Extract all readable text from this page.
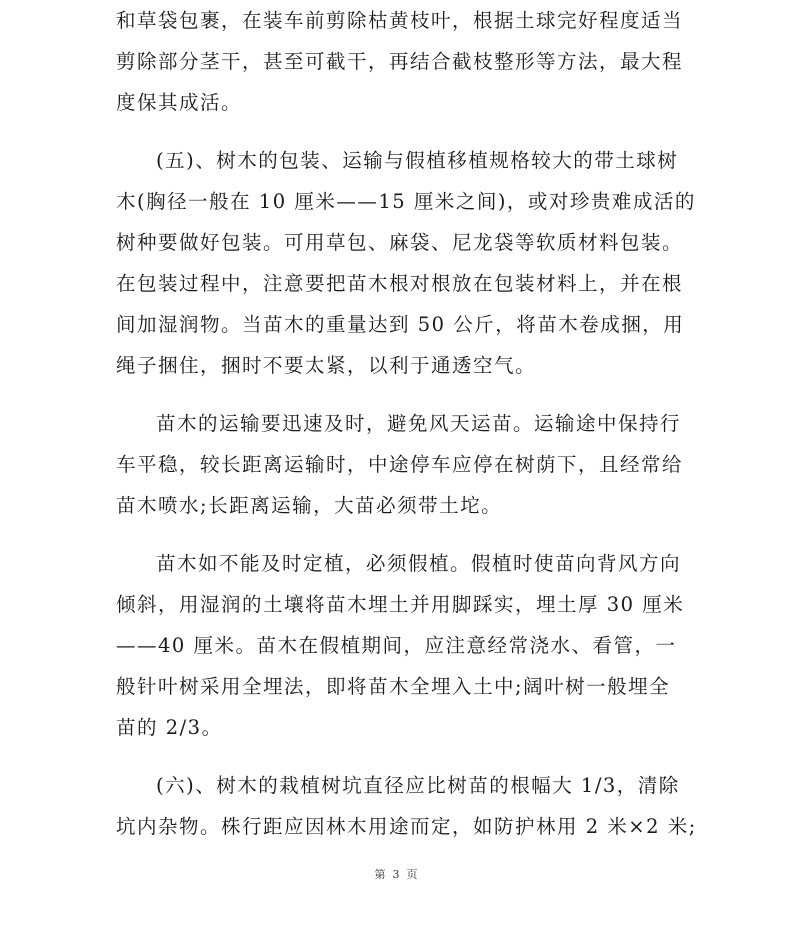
和草袋包裹，在装车前剪除枯黄枝叶，根据土球完好程度适当
剪除部分茎干，甚至可截干，再结合截枝整形等方法，最大程
度保其成活。
(五)、树木的包装、运输与假植移植规格较大的带土球树
木(胸径一般在 10 厘米——15 厘米之间)，或对珍贵难成活的
树种要做好包装。可用草包、麻袋、尼龙袋等软质材料包装。
在包装过程中，注意要把苗木根对根放在包装材料上，并在根
间加湿润物。当苗木的重量达到 50 公斤，将苗木卷成捆，用
绳子捆住，捆时不要太紧，以利于通透空气。
苗木的运输要迅速及时，避免风天运苗。运输途中保持行
车平稳，较长距离运输时，中途停车应停在树荫下，且经常给
苗木喷水;长距离运输，大苗必须带土坨。
苗木如不能及时定植，必须假植。假植时使苗向背风方向
倾斜，用湿润的土壤将苗木埋土并用脚踩实，埋土厚 30 厘米
——40 厘米。苗木在假植期间，应注意经常浇水、看管，一
般针叶树采用全埋法，即将苗木全埋入土中;阔叶树一般埋全
苗的 2/3。
(六)、树木的栽植树坑直径应比树苗的根幅大 1/3，清除
坑内杂物。株行距应因林木用途而定，如防护林用 2 米×2 米;
第 3 页
